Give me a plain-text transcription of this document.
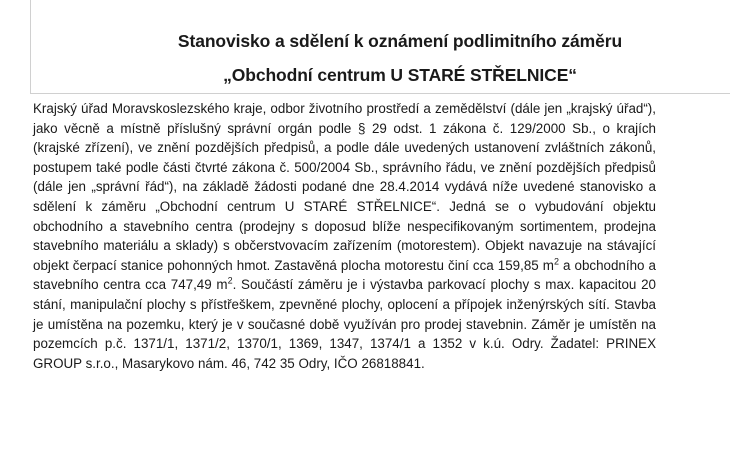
Stanovisko a sdělení k oznámení podlimitního záměru
„Obchodní centrum U STARÉ STŘELNICE“

Krajský úřad Moravskoslezského kraje, odbor životního prostředí a zemědělství (dále jen „krajský úřad“), jako věcně a místně příslušný správní orgán podle § 29 odst. 1 zákona č. 129/2000 Sb., o krajích (krajské zřízení), ve znění pozdějších předpisů, a podle dále uvedených ustanovení zvláštních zákonů, postupem také podle části čtvrté zákona č. 500/2004 Sb., správního řádu, ve znění pozdějších předpisů (dále jen „správní řád“), na základě žádosti podané dne 28.4.2014 vydává níže uvedené stanovisko a sdělení k záměru „Obchodní centrum U STARÉ STŘELNICE“. Jedná se o vybudování objektu obchodního a stavebního centra (prodejny s doposud blíže nespecifikovaným sortimentem, prodejna stavebního materiálu a sklady) s občerstvovacím zařízením (motorestem). Objekt navazuje na stávající objekt čerpací stanice pohonných hmot. Zastavěná plocha motorestu činí cca 159,85 $m^2$ a obchodního a stavebního centra cca 747,49 $m^2$. Součástí záměru je i výstavba parkovací plochy s max. kapacitou 20 stání, manipulační plochy s přístřeškem, zpevněné plochy, oplocení a přípojek inženýrských sítí. Stavba je umístěna na pozemku, který je v současné době využíván pro prodej stavebnin. Záměr je umístěn na pozemcích p.č. 1371/1, 1371/2, 1370/1, 1369, 1347, 1374/1 a 1352 v k.ú. Odry. Žadatel: PRINEX GROUP s.r.o., Masarykovo nám. 46, 742 35 Odry, IČO 26818841.
